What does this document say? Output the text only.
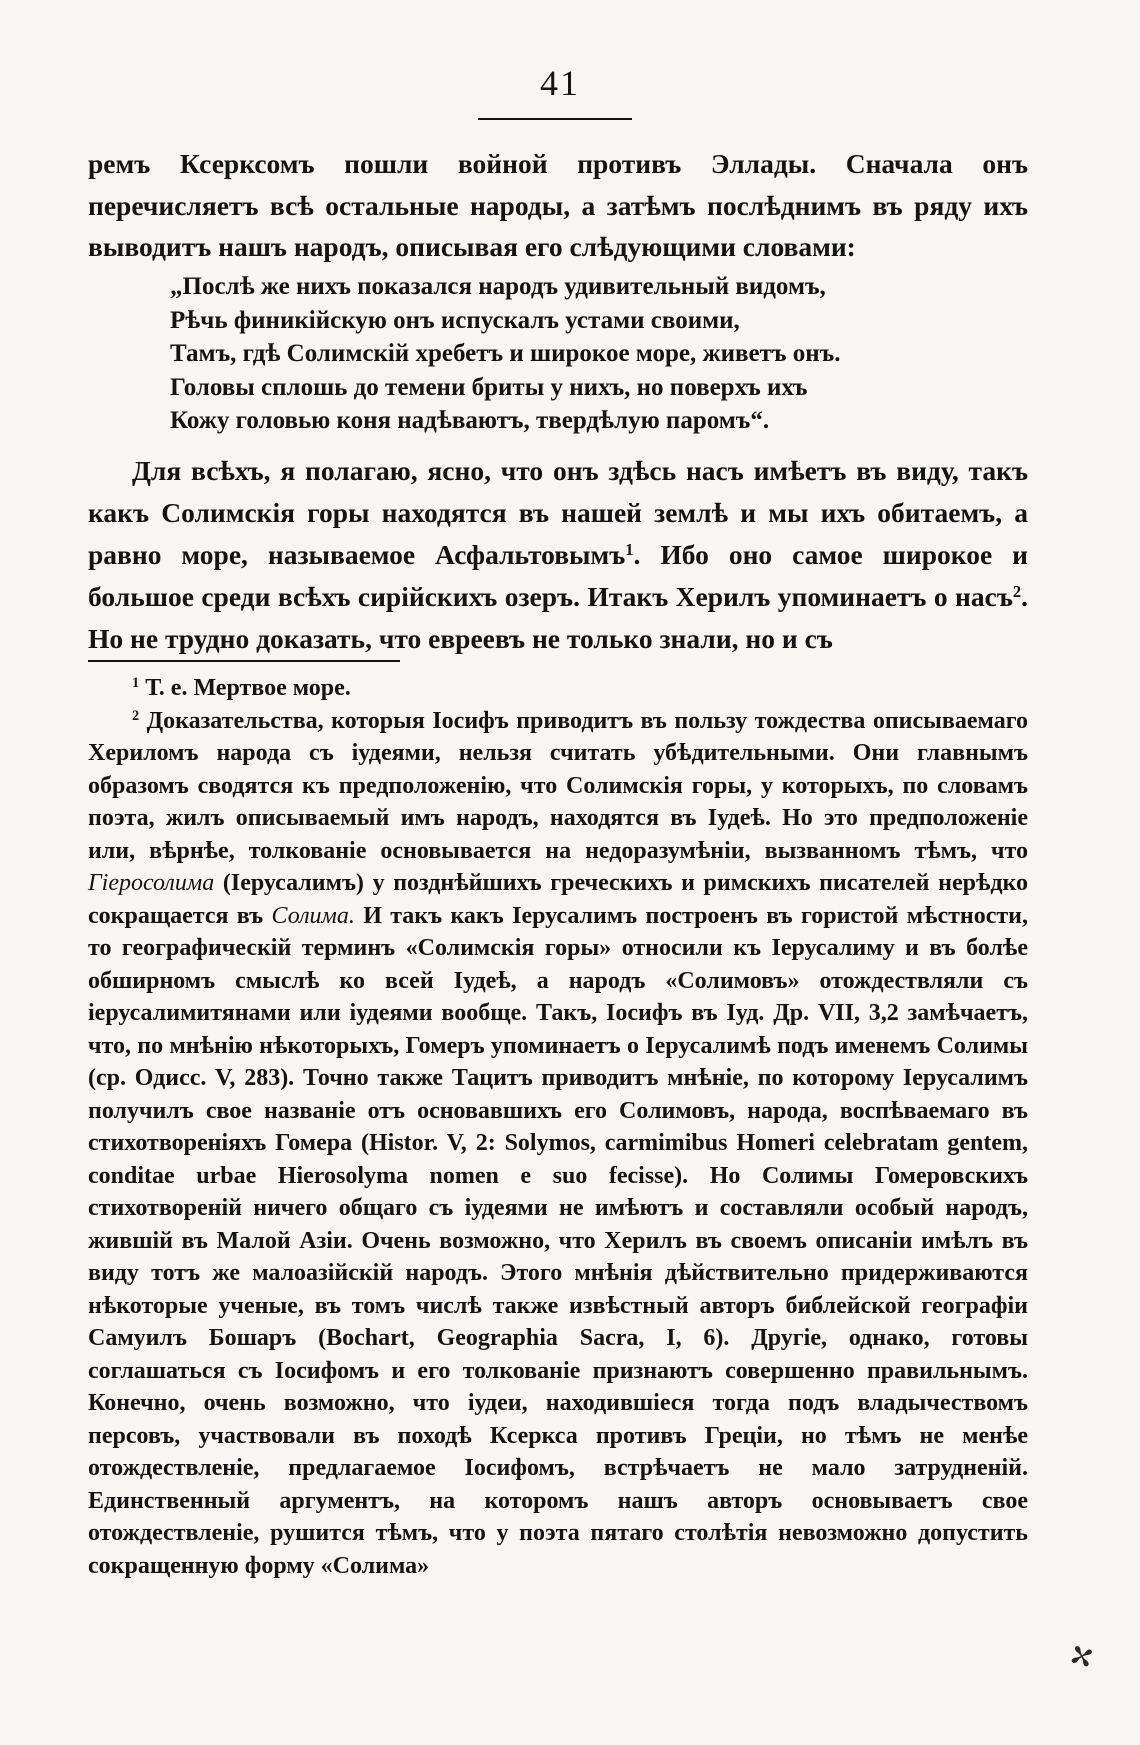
41

ремъ Ксерксомъ пошли войной противъ Эллады. Сначала онъ перечисляетъ всѣ остальные народы, а затѣмъ послѣднимъ въ ряду ихъ выводитъ нашъ народъ, описывая его слѣдующими словами:

„Послѣ же нихъ показался народъ удивительный видомъ,
Рѣчь финикійскую онъ испускалъ устами своими,
Тамъ, гдѣ Солимскій хребетъ и широкое море, живетъ онъ.
Головы сплошь до темени бриты у нихъ, но поверхъ ихъ
Кожу головью коня надѣваютъ, твердѣлую паромъ“.

Для всѣхъ, я полагаю, ясно, что онъ здѣсь насъ имѣетъ въ виду, такъ какъ Солимскія горы находятся въ нашей землѣ и мы ихъ обитаемъ, а равно море, называемое Асфальтовымъ$^1$. Ибо оно самое широкое и большое среди всѣхъ сирійскихъ озеръ. Итакъ Херилъ упоминаетъ о насъ$^2$. Но не трудно доказать, что евреевъ не только знали, но и съ

$^1$ Т. е. Мертвое море.

$^2$ Доказательства, которыя Іосифъ приводитъ въ пользу тождества описываемаго Хериломъ народа съ іудеями, нельзя считать убѣдительными. Они главнымъ образомъ сводятся къ предположенію, что Солимскія горы, у которыхъ, по словамъ поэта, жилъ описываемый имъ народъ, находятся въ Іудеѣ. Но это предположеніе или, вѣрнѣе, толкованіе основывается на недоразумѣніи, вызванномъ тѣмъ, что Гіеросолима (Іерусалимъ) у позднѣйшихъ греческихъ и римскихъ писателей нерѣдко сокращается въ Солима. И такъ какъ Іерусалимъ построенъ въ гористой мѣстности, то географическій терминъ «Солимскія горы» относили къ Іерусалиму и въ болѣе обширномъ смыслѣ ко всей Іудеѣ, а народъ «Солимовъ» отождествляли съ іерусалимитянами или іудеями вообще. Такъ, Іосифъ въ Іуд. Др. VII, 3,2 замѣчаетъ, что, по мнѣнію нѣкоторыхъ, Гомеръ упоминаетъ о Іерусалимѣ подъ именемъ Солимы (ср. Одисс. V, 283). Точно также Тацитъ приводитъ мнѣніе, по которому Іерусалимъ получилъ свое названіе отъ основавшихъ его Солимовъ, народа, воспѣваемаго въ стихотвореніяхъ Гомера (Histor. V, 2: Solymos, carmimibus Homeri celebratam gentem, conditae urbae Hierosolyma nomen e suo fecisse). Но Солимы Гомеровскихъ стихотвореній ничего общаго съ іудеями не имѣютъ и составляли особый народъ, жившій въ Малой Азіи. Очень возможно, что Херилъ въ своемъ описаніи имѣлъ въ виду тотъ же малоазійскій народъ. Этого мнѣнія дѣйствительно придерживаются нѣкоторые ученые, въ томъ числѣ также извѣстный авторъ библейской географіи Самуилъ Бошаръ (Bochart, Geographia Sacra, I, 6). Другіе, однако, готовы соглашаться съ Іосифомъ и его толкованіе признаютъ совершенно правильнымъ. Конечно, очень возможно, что іудеи, находившіеся тогда подъ владычествомъ персовъ, участвовали въ походѣ Ксеркса противъ Греціи, но тѣмъ не менѣе отождествленіе, предлагаемое Іосифомъ, встрѣчаетъ не мало затрудненій. Единственный аргументъ, на которомъ нашъ авторъ основываетъ свое отождествленіе, рушится тѣмъ, что у поэта пятаго столѣтія невозможно допустить сокращенную форму «Солима»

✢
